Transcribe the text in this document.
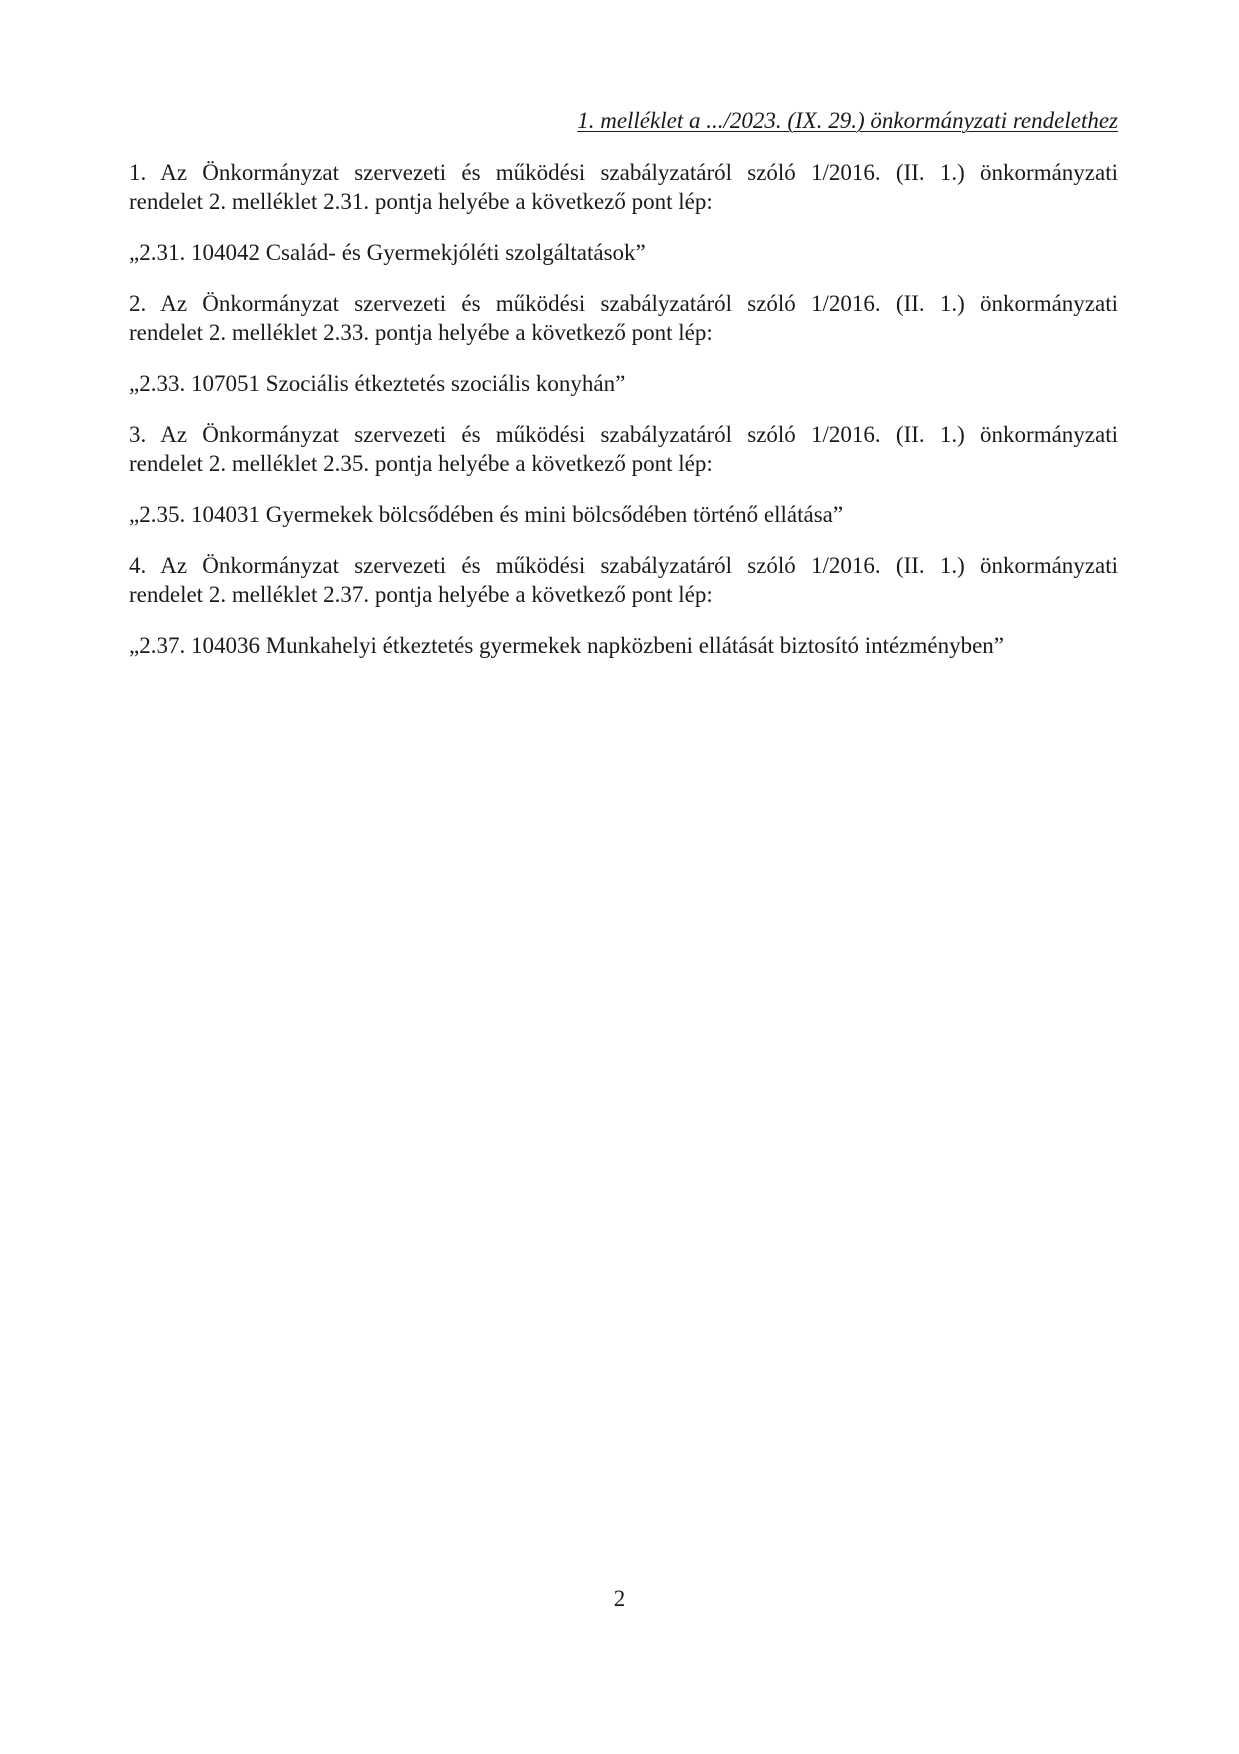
1. melléklet a .../2023. (IX. 29.) önkormányzati rendelethez
1. Az Önkormányzat szervezeti és működési szabályzatáról szóló 1/2016. (II. 1.) önkormányzati
rendelet 2. melléklet 2.31. pontja helyébe a következő pont lép:
„2.31. 104042 Család- és Gyermekjóléti szolgáltatások”
2. Az Önkormányzat szervezeti és működési szabályzatáról szóló 1/2016. (II. 1.) önkormányzati
rendelet 2. melléklet 2.33. pontja helyébe a következő pont lép:
„2.33. 107051 Szociális étkeztetés szociális konyhán”
3. Az Önkormányzat szervezeti és működési szabályzatáról szóló 1/2016. (II. 1.) önkormányzati
rendelet 2. melléklet 2.35. pontja helyébe a következő pont lép:
„2.35. 104031 Gyermekek bölcsődében és mini bölcsődében történő ellátása”
4. Az Önkormányzat szervezeti és működési szabályzatáról szóló 1/2016. (II. 1.) önkormányzati
rendelet 2. melléklet 2.37. pontja helyébe a következő pont lép:
„2.37. 104036 Munkahelyi étkeztetés gyermekek napközbeni ellátását biztosító intézményben”
2
